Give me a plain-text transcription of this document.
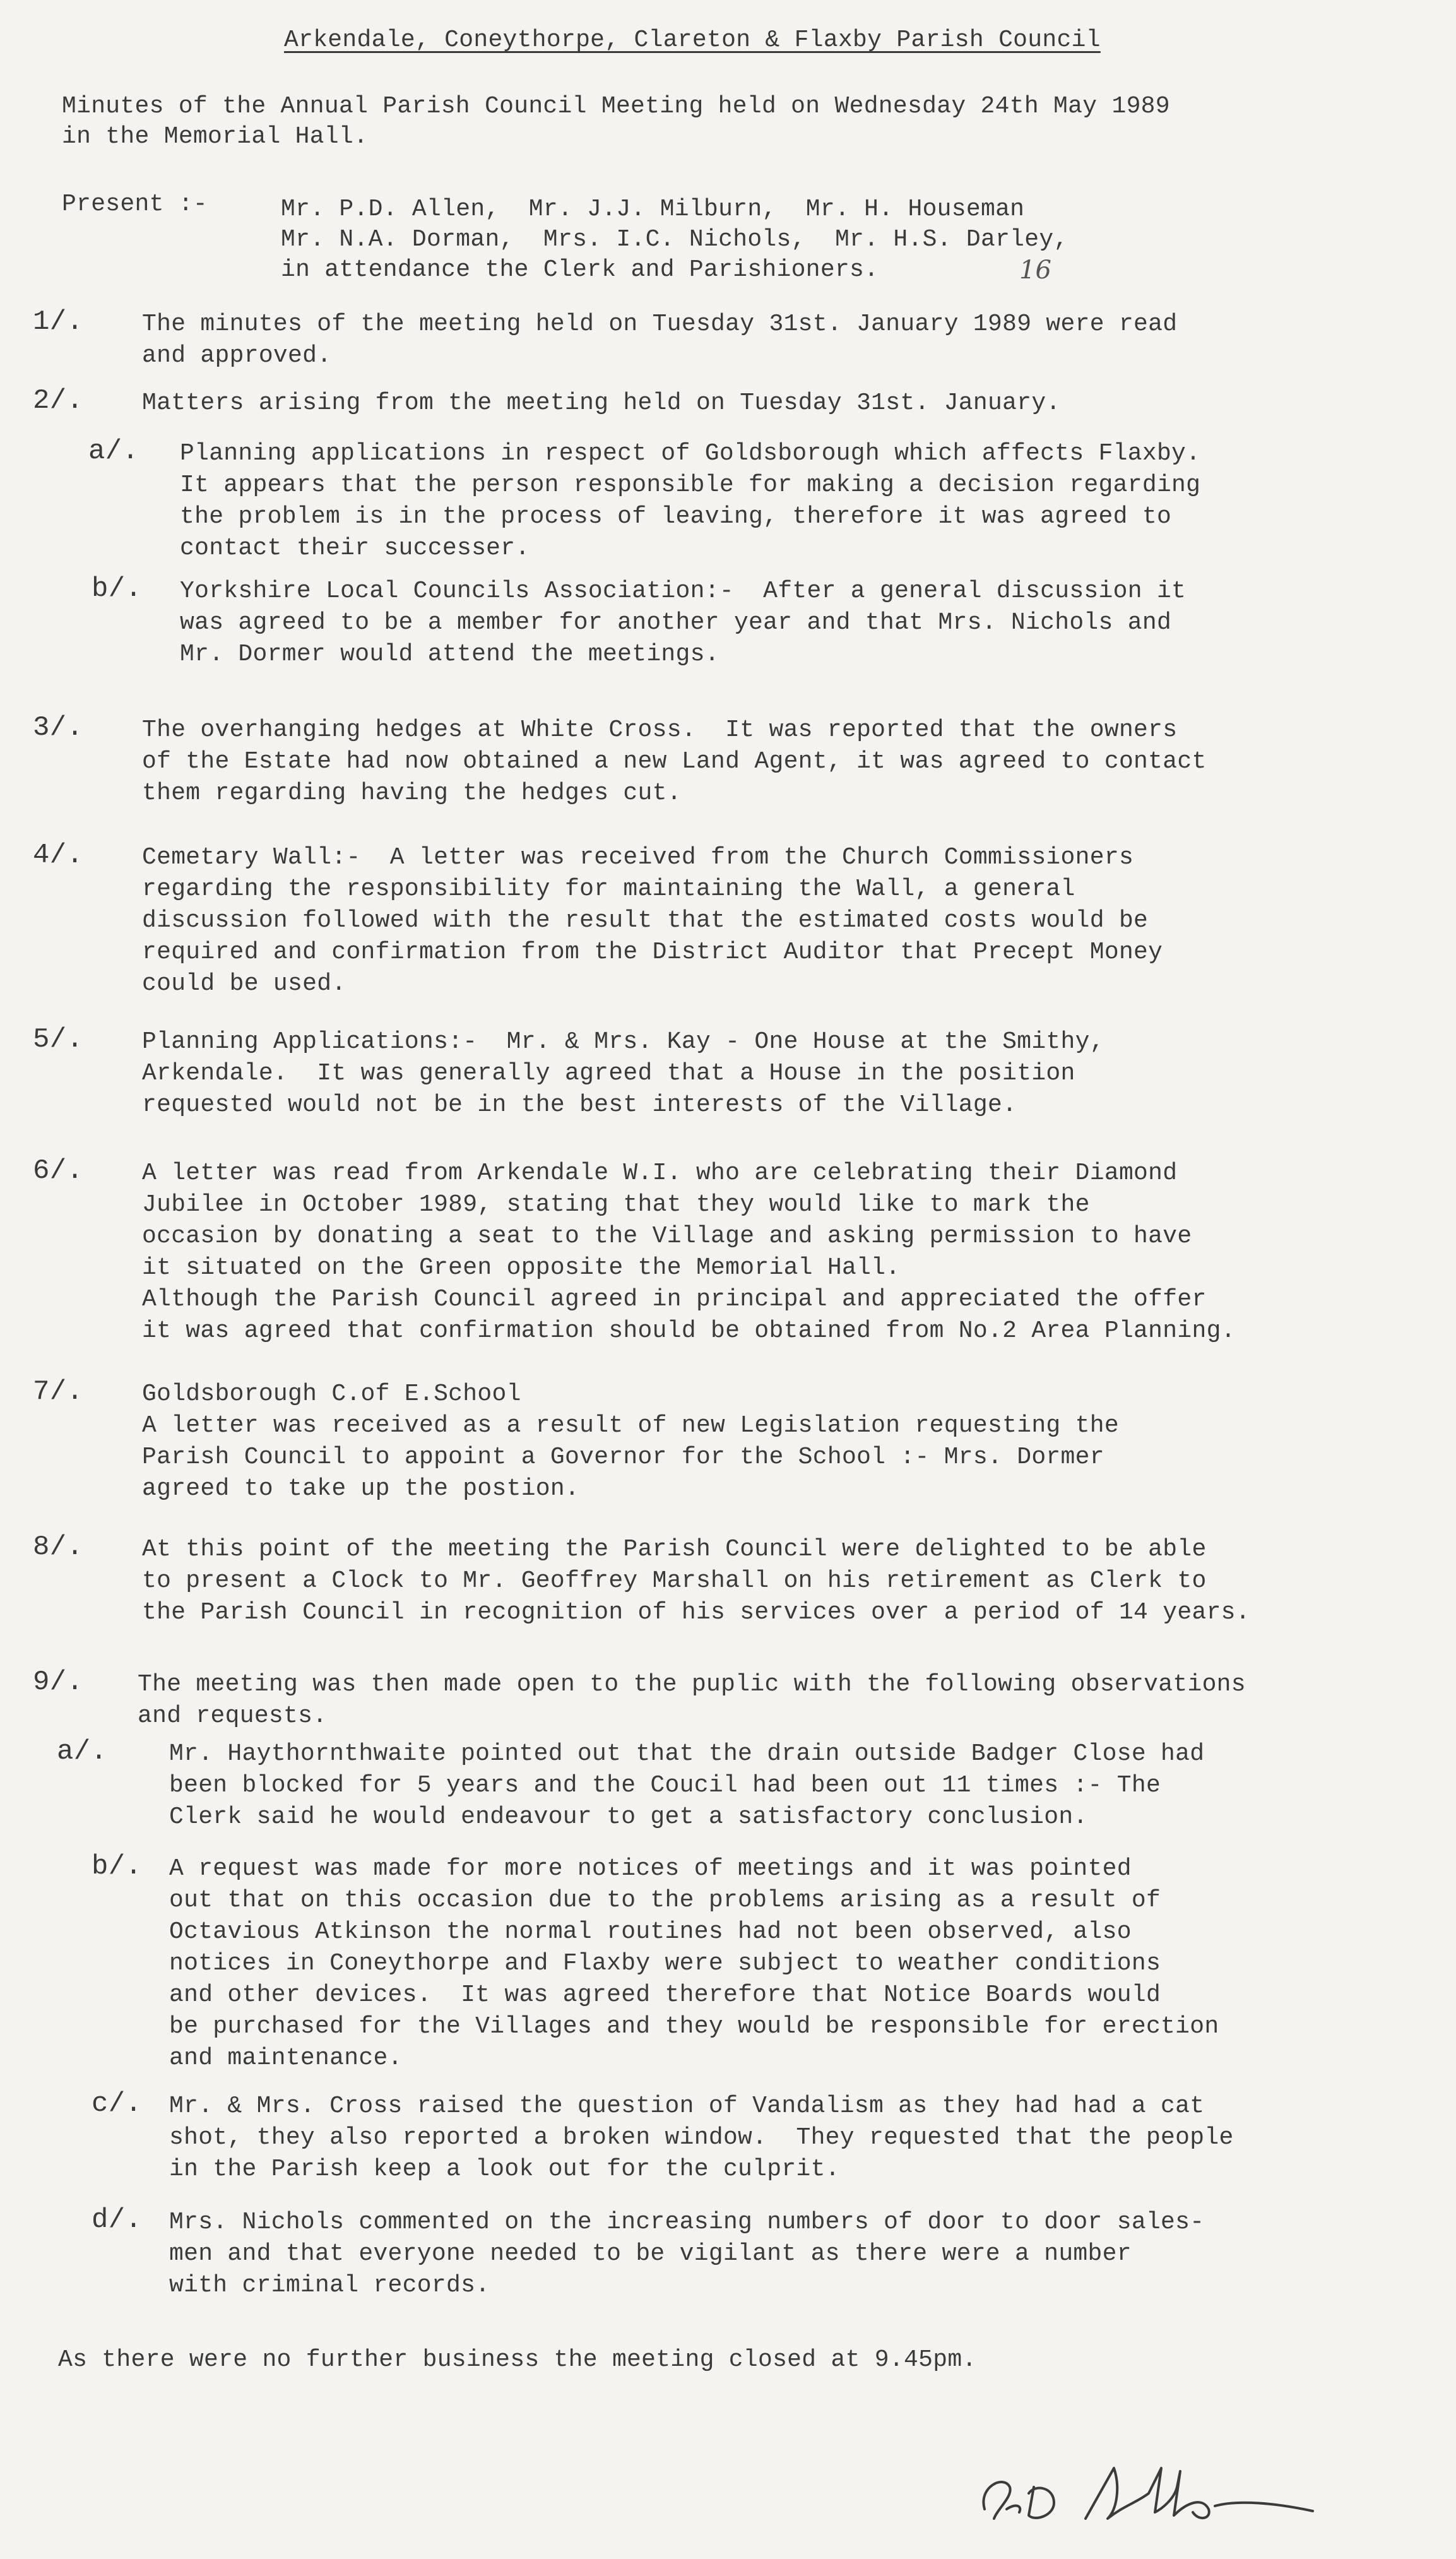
Arkendale, Coneythorpe, Clareton & Flaxby Parish Council
Minutes of the Annual Parish Council Meeting held on Wednesday 24th May 1989
in the Memorial Hall.
Present :-	Mr. P.D. Allen,  Mr. J.J. Milburn,  Mr. H. Houseman
Mr. N.A. Dorman,  Mrs. I.C. Nichols,  Mr. H.S. Darley,
in attendance the Clerk and Parishioners.	16
1/. The minutes of the meeting held on Tuesday 31st. January 1989 were read
and approved.
2/. Matters arising from the meeting held on Tuesday 31st. January.
a/. Planning applications in respect of Goldsborough which affects Flaxby.
It appears that the person responsible for making a decision regarding
the problem is in the process of leaving, therefore it was agreed to
contact their successer.
b/. Yorkshire Local Councils Association:-  After a general discussion it
was agreed to be a member for another year and that Mrs. Nichols and
Mr. Dormer would attend the meetings.
3/. The overhanging hedges at White Cross.  It was reported that the owners
of the Estate had now obtained a new Land Agent, it was agreed to contact
them regarding having the hedges cut.
4/. Cemetary Wall:-  A letter was received from the Church Commissioners
regarding the responsibility for maintaining the Wall, a general
discussion followed with the result that the estimated costs would be
required and confirmation from the District Auditor that Precept Money
could be used.
5/. Planning Applications:-  Mr. & Mrs. Kay - One House at the Smithy,
Arkendale.  It was generally agreed that a House in the position
requested would not be in the best interests of the Village.
6/. A letter was read from Arkendale W.I. who are celebrating their Diamond
Jubilee in October 1989, stating that they would like to mark the
occasion by donating a seat to the Village and asking permission to have
it situated on the Green opposite the Memorial Hall.
Although the Parish Council agreed in principal and appreciated the offer
it was agreed that confirmation should be obtained from No.2 Area Planning.
7/. Goldsborough C.of E.School
A letter was received as a result of new Legislation requesting the
Parish Council to appoint a Governor for the School :- Mrs. Dormer
agreed to take up the postion.
8/. At this point of the meeting the Parish Council were delighted to be able
to present a Clock to Mr. Geoffrey Marshall on his retirement as Clerk to
the Parish Council in recognition of his services over a period of 14 years.
9/. The meeting was then made open to the puplic with the following observations
and requests.
a/.	Mr. Haythornthwaite pointed out that the drain outside Badger Close had
been blocked for 5 years and the Coucil had been out 11 times :- The
Clerk said he would endeavour to get a satisfactory conclusion.
b/. A request was made for more notices of meetings and it was pointed
out that on this occasion due to the problems arising as a result of
Octavious Atkinson the normal routines had not been observed, also
notices in Coneythorpe and Flaxby were subject to weather conditions
and other devices.  It was agreed therefore that Notice Boards would
be purchased for the Villages and they would be responsible for erection
and maintenance.
c/. Mr. & Mrs. Cross raised the question of Vandalism as they had had a cat
shot, they also reported a broken window.  They requested that the people
in the Parish keep a look out for the culprit.
d/. Mrs. Nichols commented on the increasing numbers of door to door sales-
men and that everyone needed to be vigilant as there were a number
with criminal records.
As there were no further business the meeting closed at 9.45pm.
